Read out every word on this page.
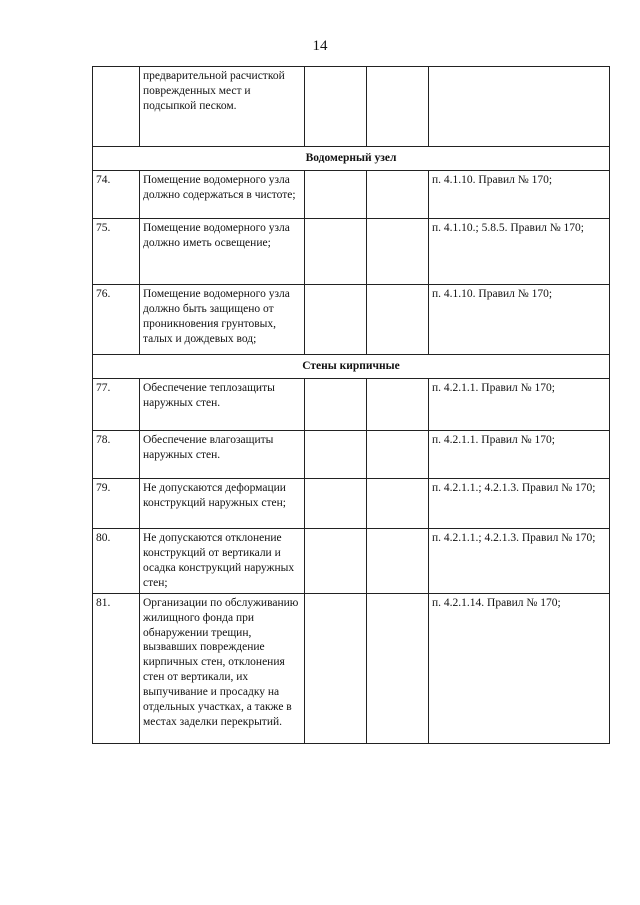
14
	предварительной расчисткой поврежденных мест и подсыпкой песком.			
Водомерный узел				
74.	Помещение водомерного узла должно содержаться в чистоте;			п. 4.1.10. Правил № 170;
75.	Помещение водомерного узла должно иметь освещение;			п. 4.1.10.; 5.8.5. Правил № 170;
76.	Помещение водомерного узла должно быть защищено от проникновения грунтовых, талых и дождевых вод;			п. 4.1.10. Правил № 170;
Стены кирпичные				
77.	Обеспечение теплозащиты наружных стен.			п. 4.2.1.1. Правил № 170;
78.	Обеспечение влагозащиты наружных стен.			п. 4.2.1.1. Правил № 170;
79.	Не допускаются деформации конструкций наружных стен;			п. 4.2.1.1.; 4.2.1.3. Правил № 170;
80.	Не допускаются отклонение конструкций от вертикали и осадка конструкций наружных стен;			п. 4.2.1.1.; 4.2.1.3. Правил № 170;
81.	Организации по обслуживанию жилищного фонда при обнаружении трещин, вызвавших повреждение кирпичных стен, отклонения стен от вертикали, их выпучивание и просадку на отдельных участках, а также в местах заделки перекрытий.			п. 4.2.1.14. Правил № 170;
